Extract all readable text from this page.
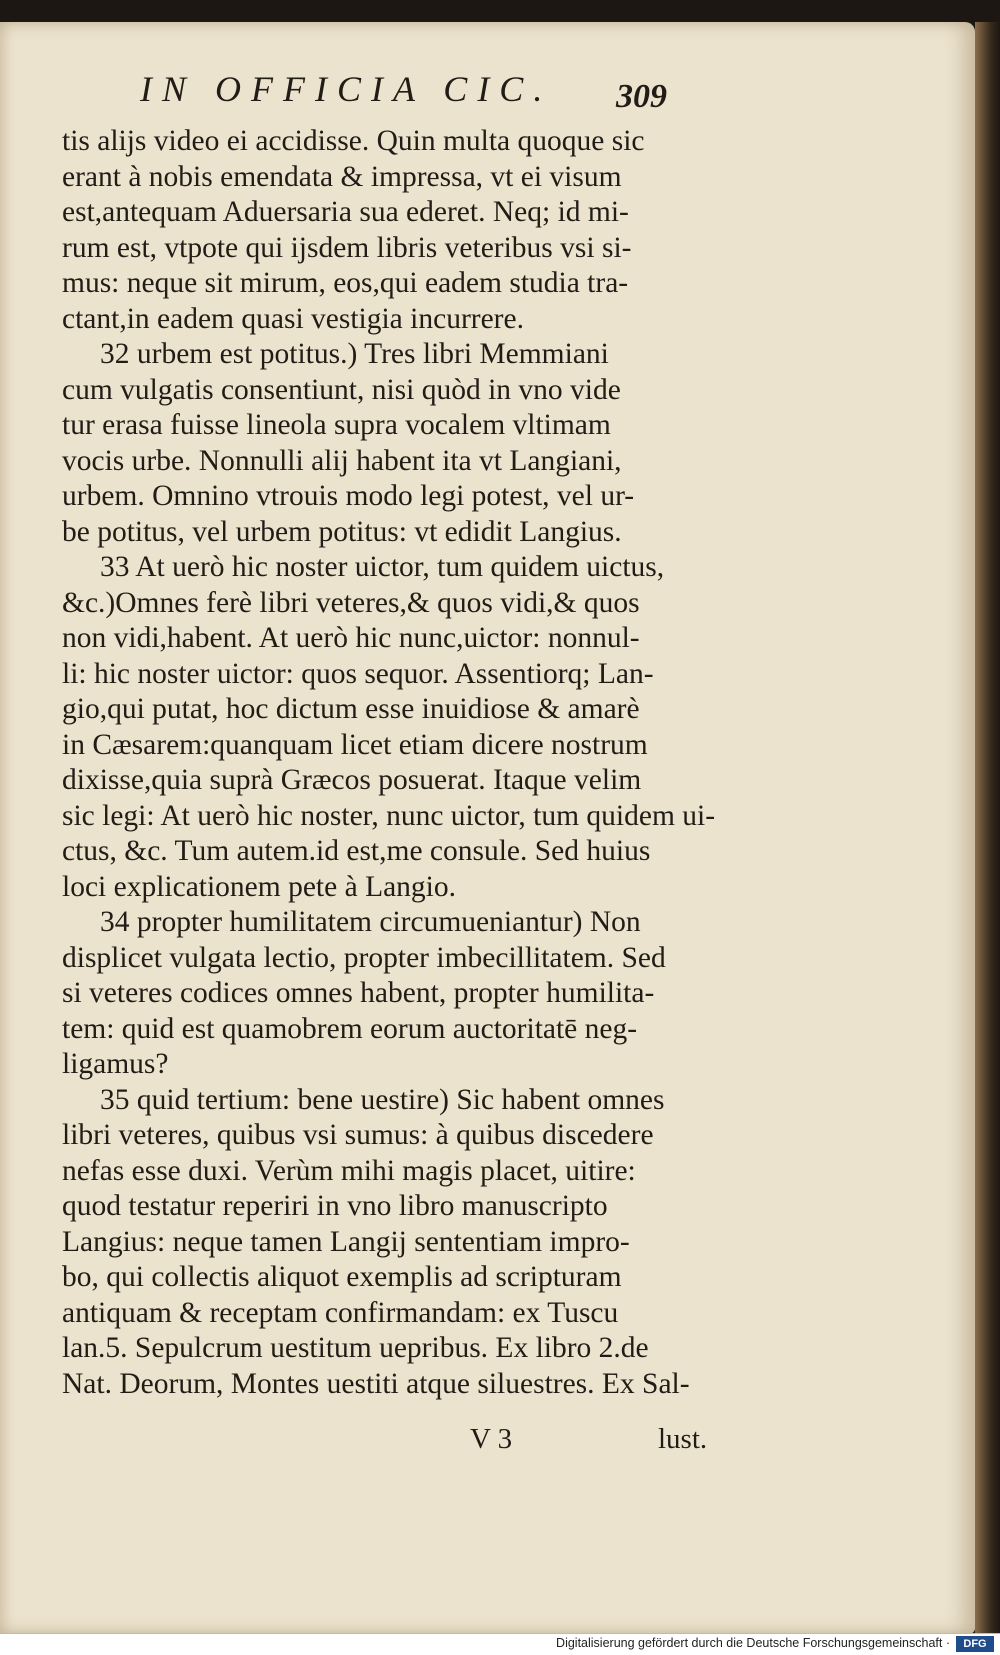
IN OFFICIA CIC.	309
tis alijs video ei accidisse. Quin multa quoque sic
erant à nobis emendata & impressa, vt ei visum
est,antequam Aduersaria sua ederet. Neq; id mi-
rum est, vtpote qui ijsdem libris veteribus vsi si-
mus: neque sit mirum, eos,qui eadem studia tra-
ctant,in eadem quasi vestigia incurrere.
32 urbem est potitus.) Tres libri Memmiani
cum vulgatis consentiunt, nisi quòd in vno vide
tur erasa fuisse lineola supra vocalem vltimam
vocis urbe. Nonnulli alij habent ita vt Langiani,
urbem. Omnino vtrouis modo legi potest, vel ur-
be potitus, vel urbem potitus: vt edidit Langius.
33 At uerò hic noster uictor, tum quidem uictus,
&c.)Omnes ferè libri veteres,& quos vidi,& quos
non vidi,habent. At uerò hic nunc,uictor: nonnul-
li: hic noster uictor: quos sequor. Assentiorq; Lan-
gio,qui putat, hoc dictum esse inuidiose & amarè
in Cæsarem:quanquam licet etiam dicere nostrum
dixisse,quia suprà Græcos posuerat. Itaque velim
sic legi: At uerò hic noster, nunc uictor, tum quidem ui-
ctus, &c. Tum autem.id est,me consule. Sed huius
loci explicationem pete à Langio.
34 propter humilitatem circumueniantur) Non
displicet vulgata lectio, propter imbecillitatem. Sed
si veteres codices omnes habent, propter humilita-
tem: quid est quamobrem eorum auctoritatē neg-
ligamus?
35 quid tertium: bene uestire) Sic habent omnes
libri veteres, quibus vsi sumus: à quibus discedere
nefas esse duxi. Verùm mihi magis placet, uitire:
quod testatur reperiri in vno libro manuscripto
Langius: neque tamen Langij sententiam impro-
bo, qui collectis aliquot exemplis ad scripturam
antiquam & receptam confirmandam: ex Tuscu
lan.5. Sepulcrum uestitum uepribus. Ex libro 2.de
Nat. Deorum, Montes uestiti atque siluestres. Ex Sal-
V 3	lust.
Digitalisierung gefördert durch die Deutsche Forschungsgemeinschaft ·	DFG
